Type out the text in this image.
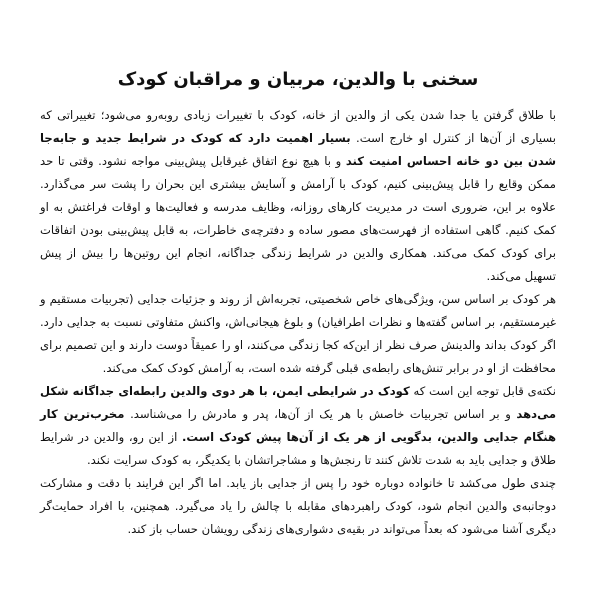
سخنی با والدین، مربیان و مراقبان کودک

با طلاق گرفتن یا جدا شدن یکی از والدین از خانه، کودک با تغییرات زیادی روبه‌رو می‌شود؛ تغییراتی که بسیاری از آن‌ها از کنترل او خارج است. بسیار اهمیت دارد که کودک در شرایط جدید و جابه‌جا شدن بین دو خانه احساس امنیت کند و با هیچ نوع اتفاق غیرقابل پیش‌بینی مواجه نشود. وقتی تا حد ممکن وقایع را قابل پیش‌بینی کنیم، کودک با آرامش و آسایش بیشتری این بحران را پشت سر می‌گذارد. علاوه بر این، ضروری است در مدیریت کارهای روزانه، وظایف مدرسه و فعالیت‌ها و اوقات فراغتش به او کمک کنیم. گاهی استفاده از فهرست‌های مصور ساده و دفترچه‌ی خاطرات، به قابل پیش‌بینی بودن اتفاقات برای کودک کمک می‌کند. همکاری والدین در شرایط زندگی جداگانه، انجام این روتین‌ها را بیش از پیش تسهیل می‌کند.

هر کودک بر اساس سن، ویژگی‌های خاص شخصیتی، تجربه‌اش از روند و جزئیات جدایی (تجربیات مستقیم و غیرمستقیم، بر اساس گفته‌ها و نظرات اطرافیان) و بلوغ هیجانی‌اش، واکنش متفاوتی نسبت به جدایی دارد. اگر کودک بداند والدینش صرف نظر از این‌که کجا زندگی می‌کنند، او را عمیقاً دوست دارند و این تصمیم برای محافظت از او در برابر تنش‌های رابطه‌ی قبلی گرفته شده است، به آرامش کودک کمک می‌کند.

نکته‌ی قابل توجه این است که کودک در شرایطی ایمن، با هر دوی والدین رابطه‌ای جداگانه شکل می‌دهد و بر اساس تجربیات خاصش با هر یک از آن‌ها، پدر و مادرش را می‌شناسد. مخرب‌ترین کار هنگام جدایی والدین، بدگویی از هر یک از آن‌ها پیش کودک است. از این رو، والدین در شرایط طلاق و جدایی باید به شدت تلاش کنند تا رنجش‌ها و مشاجراتشان با یکدیگر، به کودک سرایت نکند.

چندی طول می‌کشد تا خانواده دوباره خود را پس از جدایی باز یابد. اما اگر این فرایند با دقت و مشارکت دوجانبه‌ی والدین انجام شود، کودک راهبردهای مقابله با چالش را یاد می‌گیرد. همچنین، با افراد حمایت‌گر دیگری آشنا می‌شود که بعداً می‌تواند در بقیه‌ی دشواری‌های زندگی رویشان حساب باز کند.
